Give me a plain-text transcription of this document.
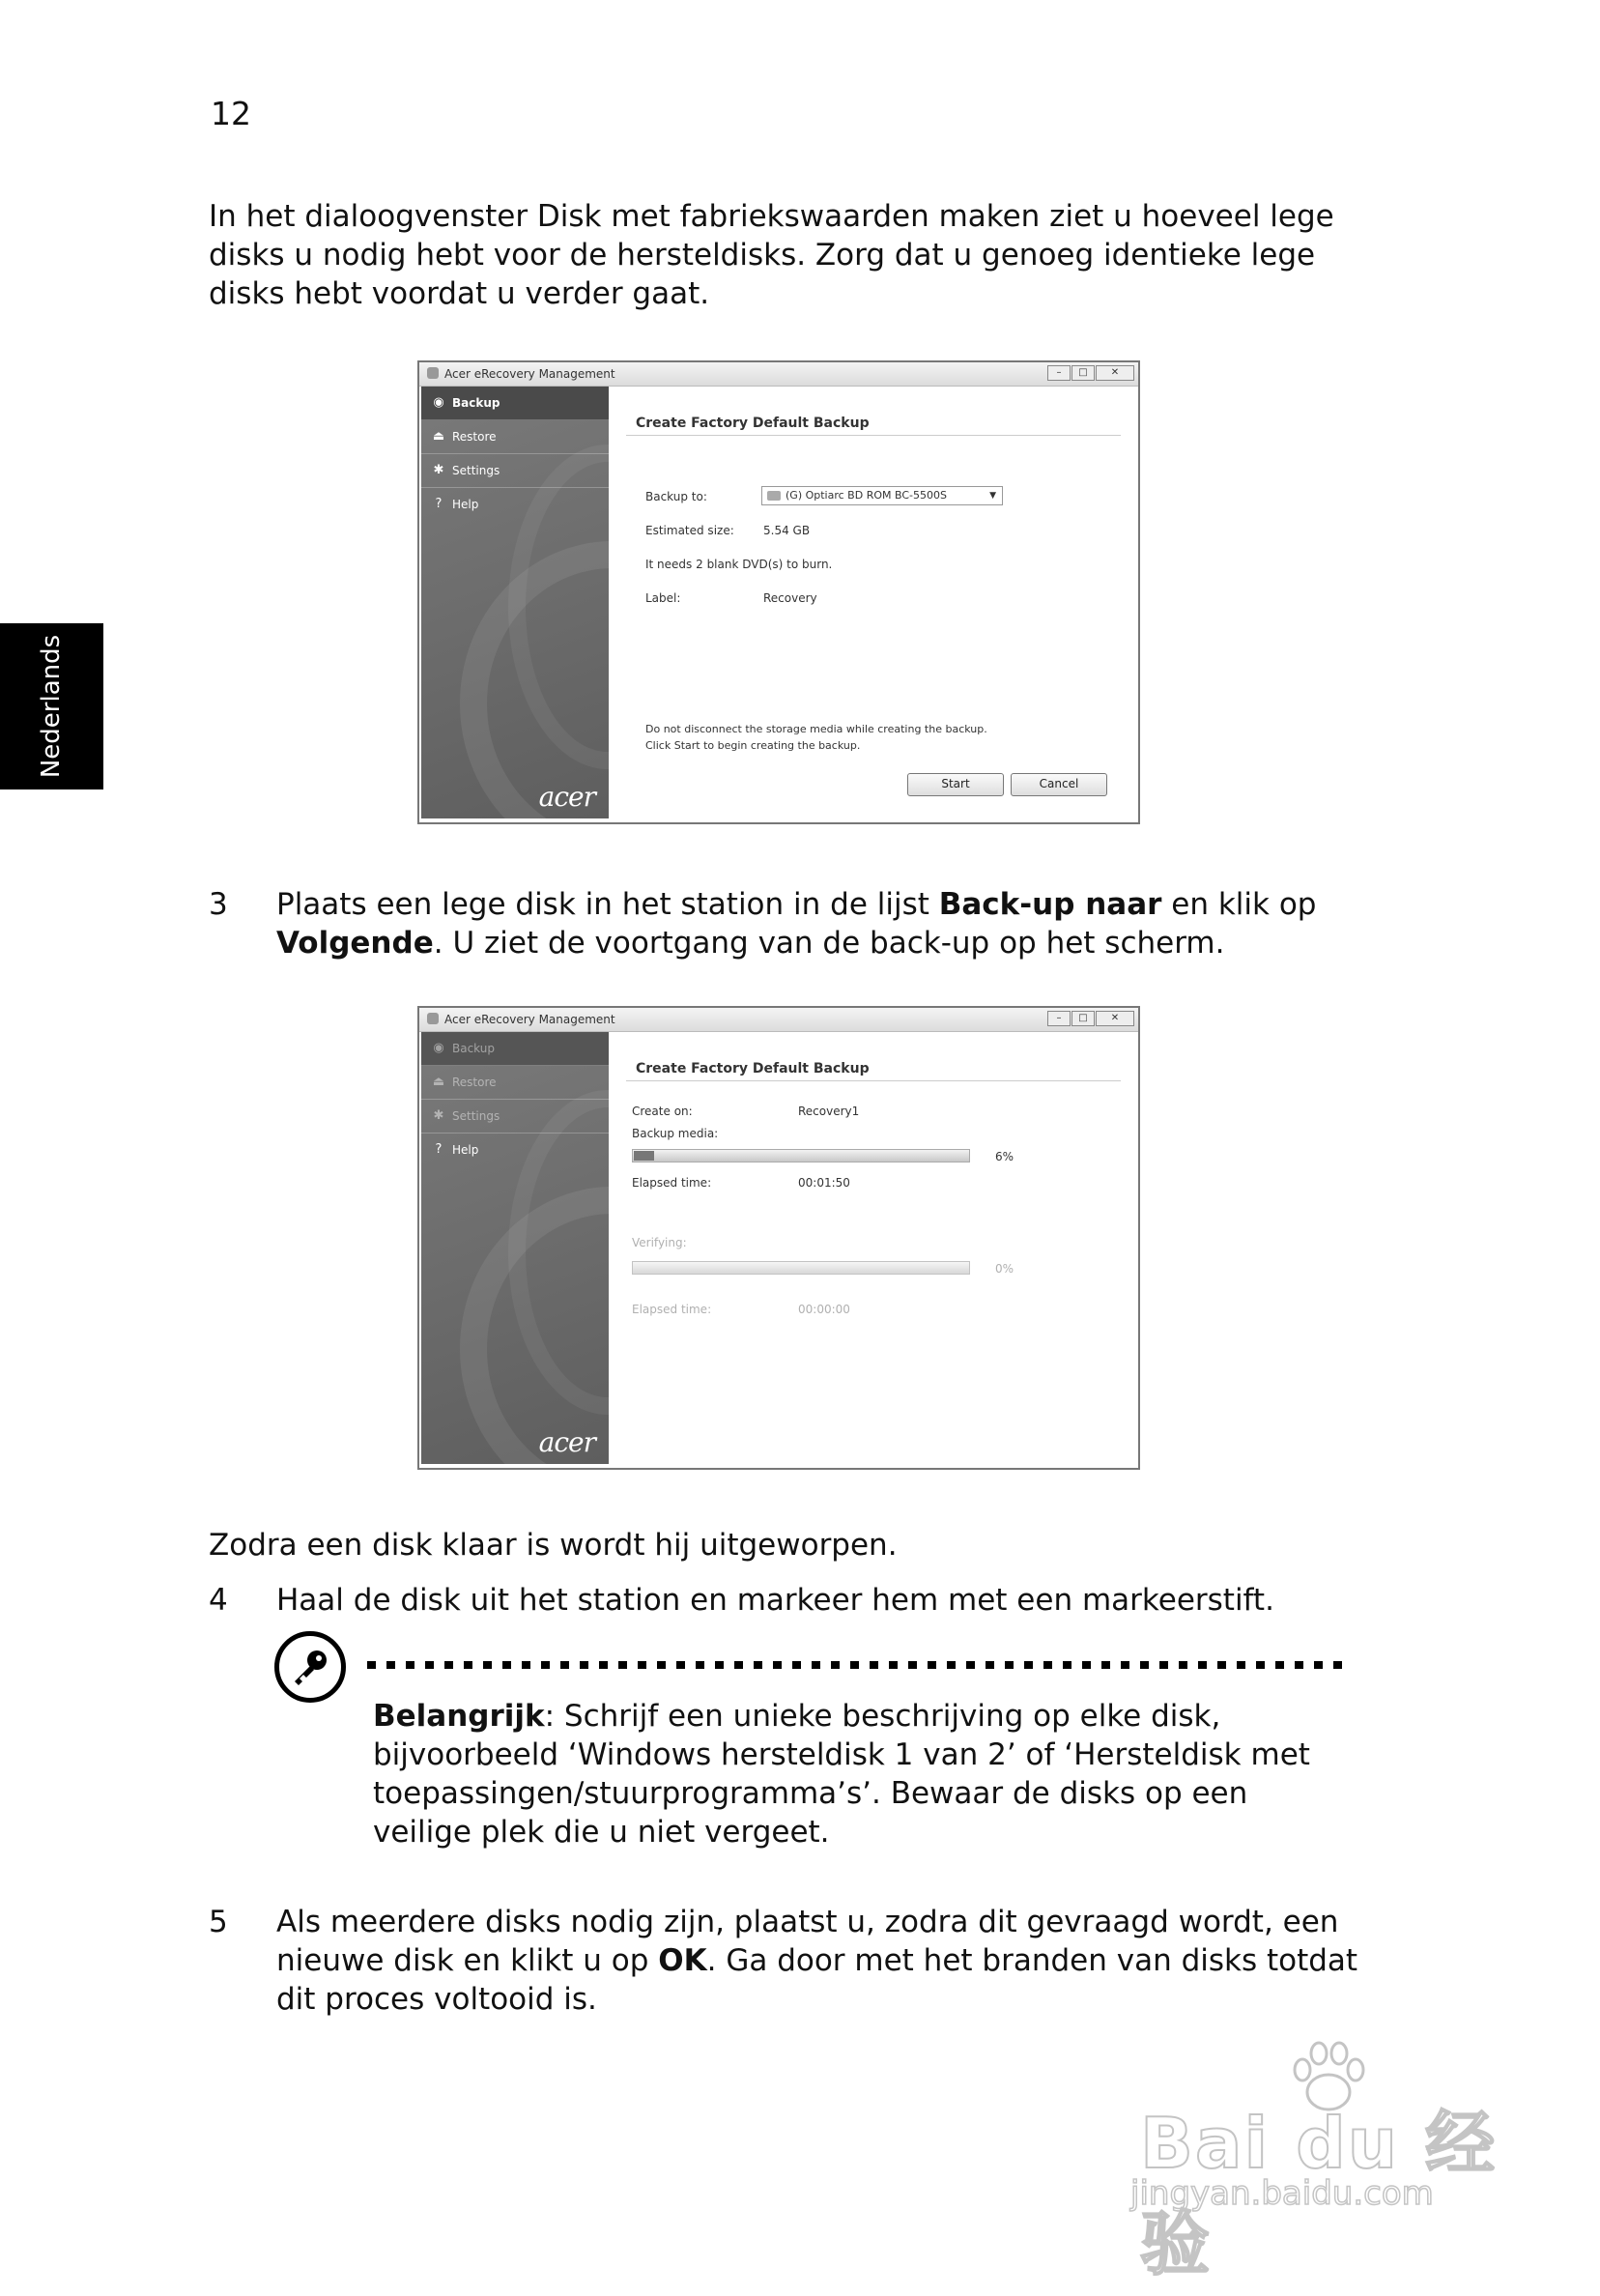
12
Nederlands
In het dialoogvenster Disk met fabriekswaarden maken ziet u hoeveel lege disks u nodig hebt voor de hersteldisks. Zorg dat u genoeg identieke lege disks hebt voordat u verder gaat.
Acer eRecovery Management	–	□	✕
◉ Backup
⏏ Restore
✱ Settings
? Help
acer
Create Factory Default Backup
Backup to:	(G) Optiarc BD ROM BC-5500S	▼
Estimated size:	5.54 GB
It needs 2 blank DVD(s) to burn.
Label:	Recovery
Do not disconnect the storage media while creating the backup.
Click Start to begin creating the backup.
Start	Cancel
3 Plaats een lege disk in het station in de lijst Back-up naar en klik op Volgende. U ziet de voortgang van de back-up op het scherm.
Acer eRecovery Management	–	□	✕
◉ Backup
⏏ Restore
✱ Settings
? Help
acer
Create Factory Default Backup
Create on:	Recovery1
Backup media:
6%
Elapsed time:	00:01:50
Verifying:
0%
Elapsed time:	00:00:00
Zodra een disk klaar is wordt hij uitgeworpen.
4 Haal de disk uit het station en markeer hem met een markeerstift.
Belangrijk: Schrijf een unieke beschrijving op elke disk, bijvoorbeeld ‘Windows hersteldisk 1 van 2’ of ‘Hersteldisk met toepassingen/stuurprogramma’s’. Bewaar de disks op een veilige plek die u niet vergeet.
5 Als meerdere disks nodig zijn, plaatst u, zodra dit gevraagd wordt, een nieuwe disk en klikt u op OK. Ga door met het branden van disks totdat dit proces voltooid is.
Bai du 经验
jingyan.baidu.com
